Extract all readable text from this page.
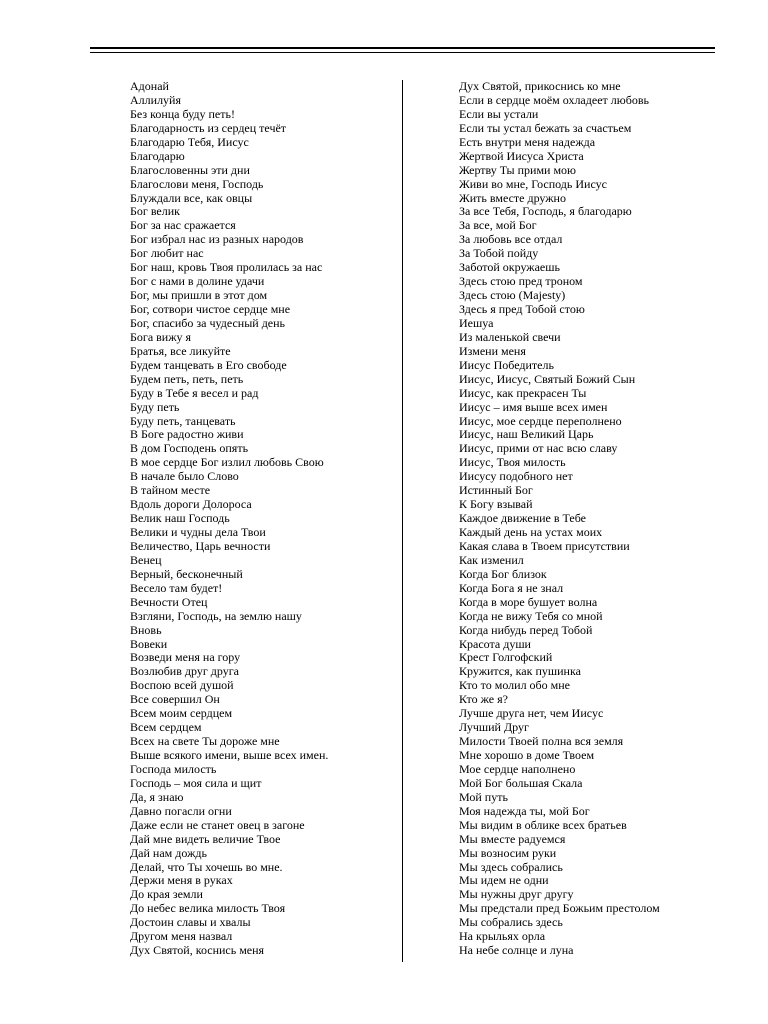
Адонай
Аллилуйя
Без конца буду петь!
Благодарность из сердец течёт
Благодарю Тебя, Иисус
Благодарю
Благословенны эти дни
Благослови меня, Господь
Блуждали все, как овцы
Бог велик
Бог за нас сражается
Бог избрал нас из разных народов
Бог любит нас
Бог наш, кровь Твоя пролилась за нас
Бог с нами в долине удачи
Бог, мы пришли в этот дом
Бог, сотвори чистое сердце мне
Бог, спасибо за чудесный день
Бога вижу я
Братья, все ликуйте
Будем танцевать в Его свободе
Будем петь, петь, петь
Буду в Тебе я весел и рад
Буду петь
Буду петь, танцевать
В Боге радостно живи
В дом Господень опять
В мое сердце Бог излил любовь Свою
В начале было Слово
В тайном месте
Вдоль дороги Долороса
Велик наш Господь
Велики и чудны дела Твои
Величество, Царь вечности
Венец
Верный, бесконечный
Весело там будет!
Вечности Отец
Взгляни, Господь, на землю нашу
Вновь
Вовеки
Возведи меня на гору
Возлюбив друг друга
Воспою всей душой
Все совершил Он
Всем моим сердцем
Всем сердцем
Всех на свете Ты дороже мне
Выше всякого имени, выше всех имен.
Господа милость
Господь – моя сила и щит
Да, я знаю
Давно погасли огни
Даже если не станет овец в загоне
Дай мне видеть величие Твое
Дай нам дождь
Делай, что Ты хочешь во мне.
Держи меня в руках
До края земли
До небес велика милость Твоя
Достоин славы и хвалы
Другом меня назвал
Дух Святой, коснись меня
Дух Святой, прикоснись ко мне
Если в сердце моём охладеет любовь
Если вы устали
Если ты устал бежать за счастьем
Есть внутри меня надежда
Жертвой Иисуса Христа
Жертву Ты прими мою
Живи во мне, Господь Иисус
Жить вместе дружно
За все Тебя, Господь, я благодарю
За все, мой Бог
За любовь все отдал
За Тобой пойду
Заботой окружаешь
Здесь стою пред троном
Здесь стою (Majesty)
Здесь я пред Тобой стою
Иешуа
Из маленькой свечи
Измени меня
Иисус Победитель
Иисус, Иисус, Святый Божий Сын
Иисус, как прекрасен Ты
Иисус – имя выше всех имен
Иисус, мое сердце переполнено
Иисус, наш Великий Царь
Иисус, прими от нас всю славу
Иисус, Твоя милость
Иисусу подобного нет
Истинный Бог
К Богу взывай
Каждое движение в Тебе
Каждый день на устах моих
Какая слава в Твоем присутствии
Как изменил
Когда Бог близок
Когда Бога я не знал
Когда в море бушует волна
Когда не вижу Тебя со мной
Когда нибудь перед Тобой
Красота души
Крест Голгофский
Кружится, как пушинка
Кто то молил обо мне
Кто же я?
Лучше друга нет, чем Иисус
Лучший Друг
Милости Твоей полна вся земля
Мне хорошо в доме Твоем
Мое сердце наполнено
Мой Бог большая Скала
Мой путь
Моя надежда ты, мой Бог
Мы видим в облике всех братьев
Мы вместе радуемся
Мы возносим руки
Мы здесь собрались
Мы идем не одни
Мы нужны друг другу
Мы предстали пред Божьим престолом
Мы собрались здесь
На крыльях орла
На небе солнце и луна
